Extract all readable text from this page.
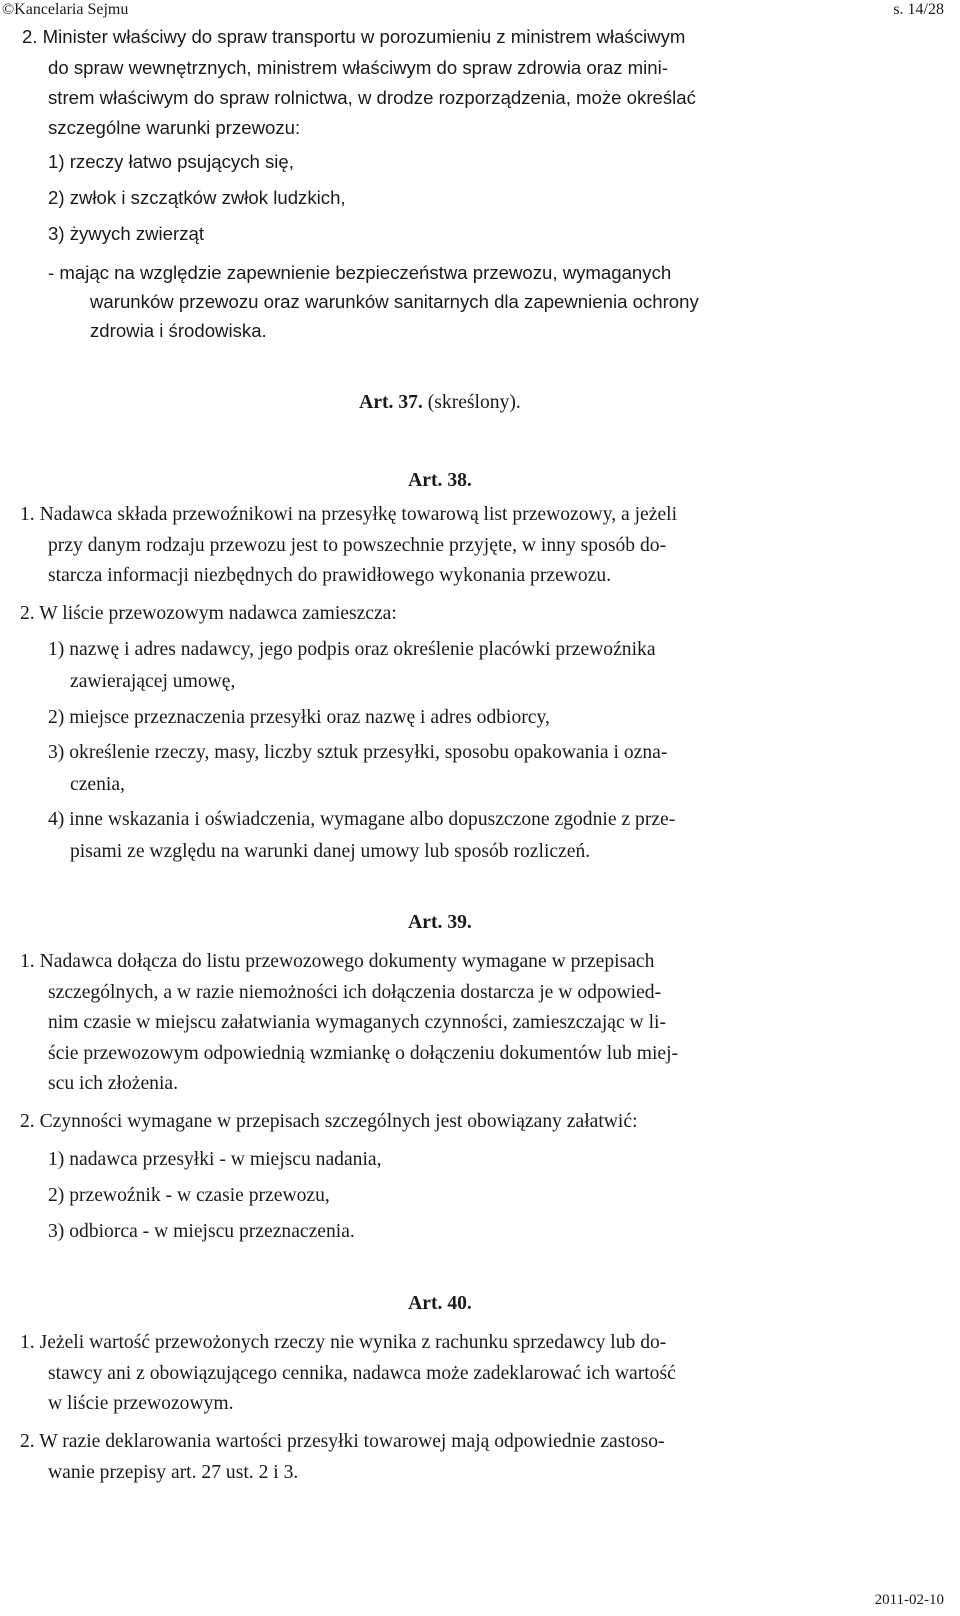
©Kancelaria Sejmu	s. 14/28
2. Minister właściwy do spraw transportu w porozumieniu z ministrem właściwym
do spraw wewnętrznych, ministrem właściwym do spraw zdrowia oraz mini-
strem właściwym do spraw rolnictwa, w drodze rozporządzenia, może określać
szczególne warunki przewozu:
1) rzeczy łatwo psujących się,
2) zwłok i szczątków zwłok ludzkich,
3) żywych zwierząt
- mając na względzie zapewnienie bezpieczeństwa przewozu, wymaganych
warunków przewozu oraz warunków sanitarnych dla zapewnienia ochrony
zdrowia i środowiska.
Art. 37. (skreślony).
Art. 38.
1. Nadawca składa przewoźnikowi na przesyłkę towarową list przewozowy, a jeżeli
przy danym rodzaju przewozu jest to powszechnie przyjęte, w inny sposób do-
starcza informacji niezbędnych do prawidłowego wykonania przewozu.
2. W liście przewozowym nadawca zamieszcza:
1) nazwę i adres nadawcy, jego podpis oraz określenie placówki przewoźnika
zawierającej umowę,
2) miejsce przeznaczenia przesyłki oraz nazwę i adres odbiorcy,
3) określenie rzeczy, masy, liczby sztuk przesyłki, sposobu opakowania i ozna-
czenia,
4) inne wskazania i oświadczenia, wymagane albo dopuszczone zgodnie z prze-
pisami ze względu na warunki danej umowy lub sposób rozliczeń.
Art. 39.
1. Nadawca dołącza do listu przewozowego dokumenty wymagane w przepisach
szczególnych, a w razie niemożności ich dołączenia dostarcza je w odpowied-
nim czasie w miejscu załatwiania wymaganych czynności, zamieszczając w li-
ście przewozowym odpowiednią wzmiankę o dołączeniu dokumentów lub miej-
scu ich złożenia.
2. Czynności wymagane w przepisach szczególnych jest obowiązany załatwić:
1) nadawca przesyłki - w miejscu nadania,
2) przewoźnik - w czasie przewozu,
3) odbiorca - w miejscu przeznaczenia.
Art. 40.
1. Jeżeli wartość przewożonych rzeczy nie wynika z rachunku sprzedawcy lub do-
stawcy ani z obowiązującego cennika, nadawca może zadeklarować ich wartość
w liście przewozowym.
2. W razie deklarowania wartości przesyłki towarowej mają odpowiednie zastoso-
wanie przepisy art. 27 ust. 2 i 3.
2011-02-10
